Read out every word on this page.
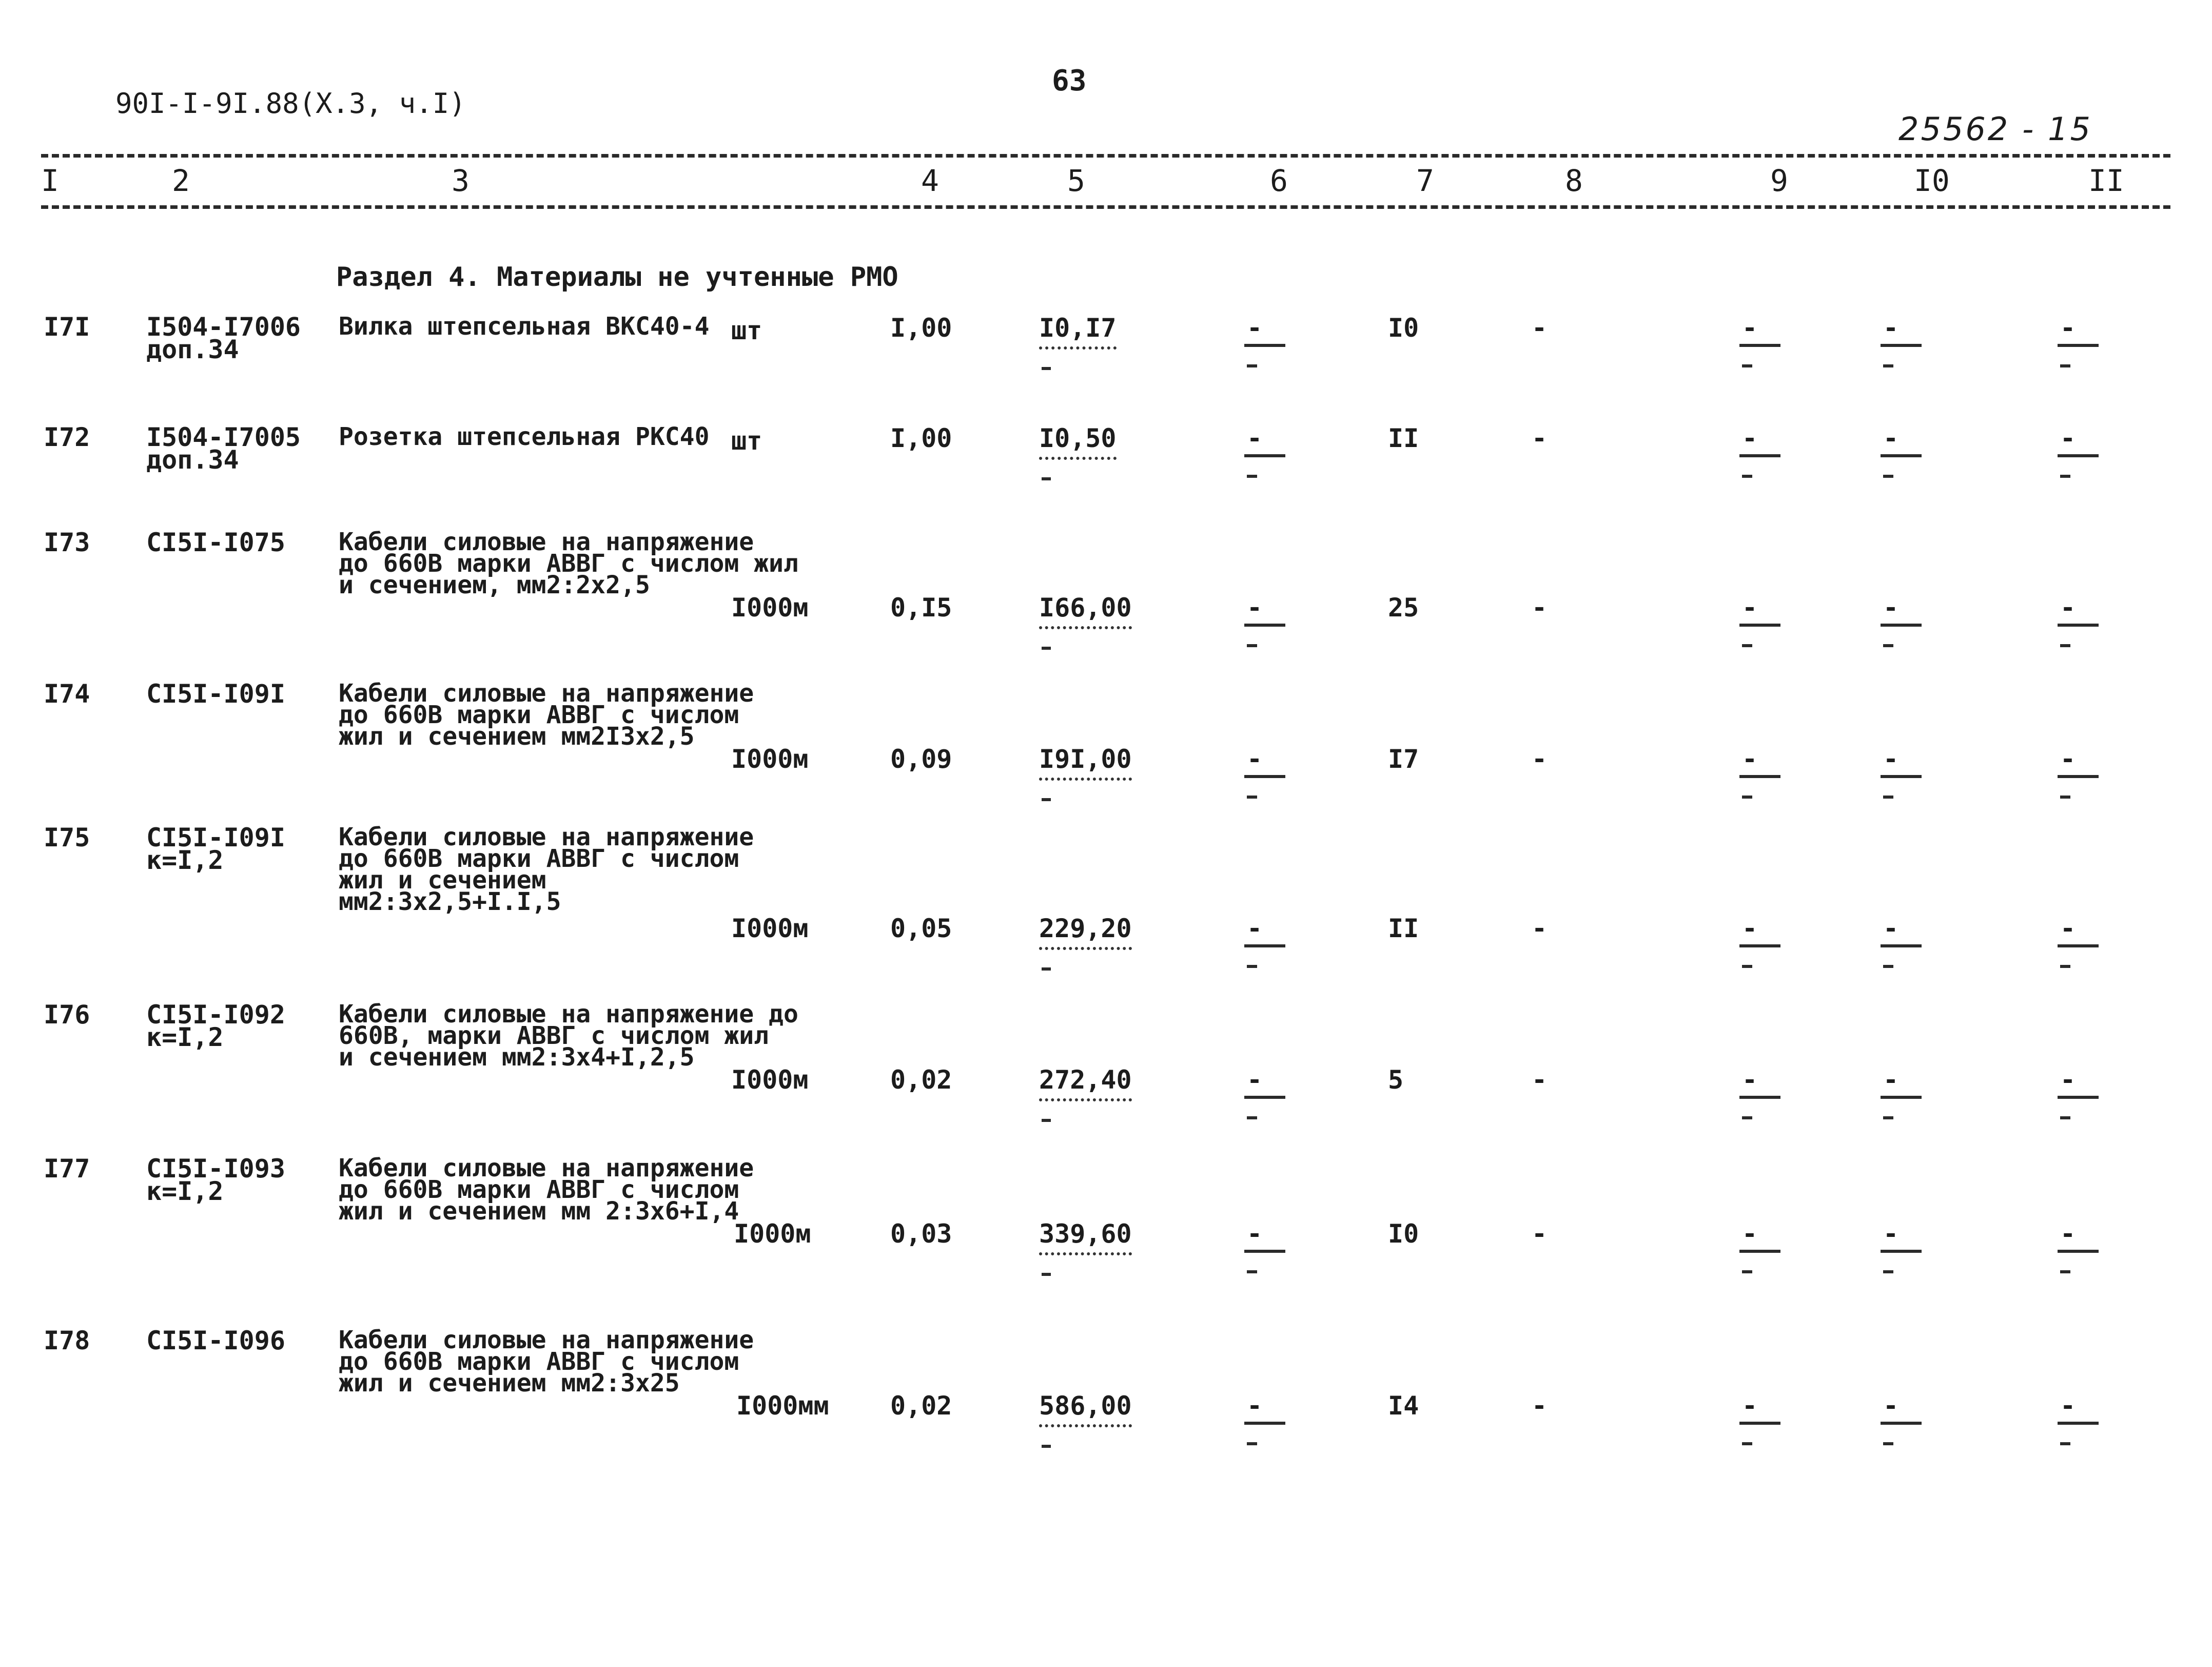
90I-I-9I.88(X.3, ч.I)
63
25562 - 15
I	2	3	4	5	6	7	8	9	I0	II
Раздел 4. Материалы не учтенные РМО
I7I I504-I7006
доп.34
Вилка штепсельная ВКС40-4 шт	I,00	I0,I7	-	I0	-	-	-	-
I72 I504-I7005
доп.34
Розетка штепсельная РКС40 шт	I,00	I0,50	-	II	-	-	-	-
I73 СI5I-I075 Кабели силовые на напряжение
до 660В марки АВВГ с числом жил
и сечением, мм2:2х2,5
I000м	0,I5	I66,00	-	25	-	-	-	-
I74 СI5I-I09I Кабели силовые на напряжение
до 660В марки АВВГ с числом
жил и сечением мм2I3х2,5
I000м	0,09	I9I,00	-	I7	-	-	-	-
I75 СI5I-I09I
к=I,2
Кабели силовые на напряжение
до 660В марки АВВГ с числом
жил и сечением
мм2:3х2,5+I.I,5
I000м	0,05	229,20	-	II	-	-	-	-
I76 СI5I-I092
к=I,2
Кабели силовые на напряжение до
660В, марки АВВГ с числом жил
и сечением мм2:3х4+I,2,5
I000м	0,02	272,40	-	5	-	-	-	-
I77 СI5I-I093
к=I,2
Кабели силовые на напряжение
до 660В марки АВВГ с числом
жил и сечением мм 2:3х6+I,4
I000м	0,03	339,60	-	I0	-	-	-	-
I78 СI5I-I096 Кабели силовые на напряжение
до 660В марки АВВГ с числом
жил и сечением мм2:3х25
I000мм 0,02	586,00	-	I4	-	-	-	-
